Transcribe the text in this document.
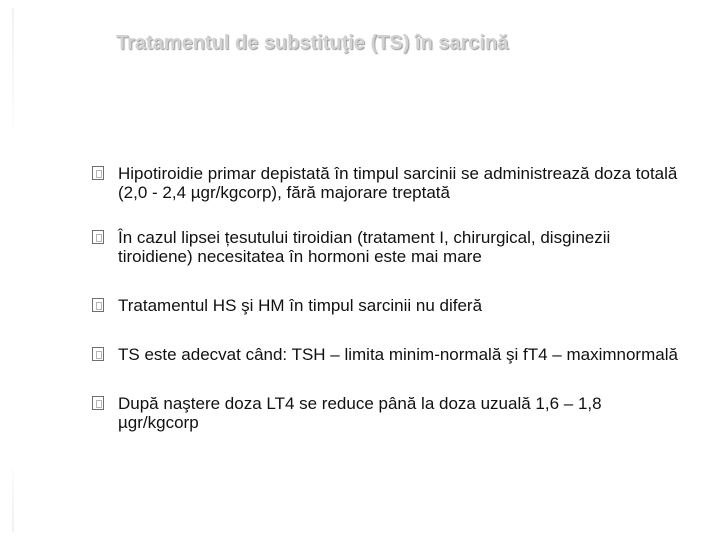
Tratamentul de substituţie (TS) în sarcină
Hipotiroidie primar depistată în timpul sarcinii se administrează doza totală (2,0 - 2,4 µgr/kgcorp), fără majorare treptată
În cazul lipsei țesutului tiroidian (tratament I, chirurgical, disginezii tiroidiene) necesitatea în hormoni este mai mare
Tratamentul HS şi HM în timpul sarcinii nu diferă
TS este adecvat când: TSH – limita minim-normală şi fT4 – maximnormală
După naştere doza LT4 se reduce până la doza uzuală 1,6 – 1,8 µgr/kgcorp
